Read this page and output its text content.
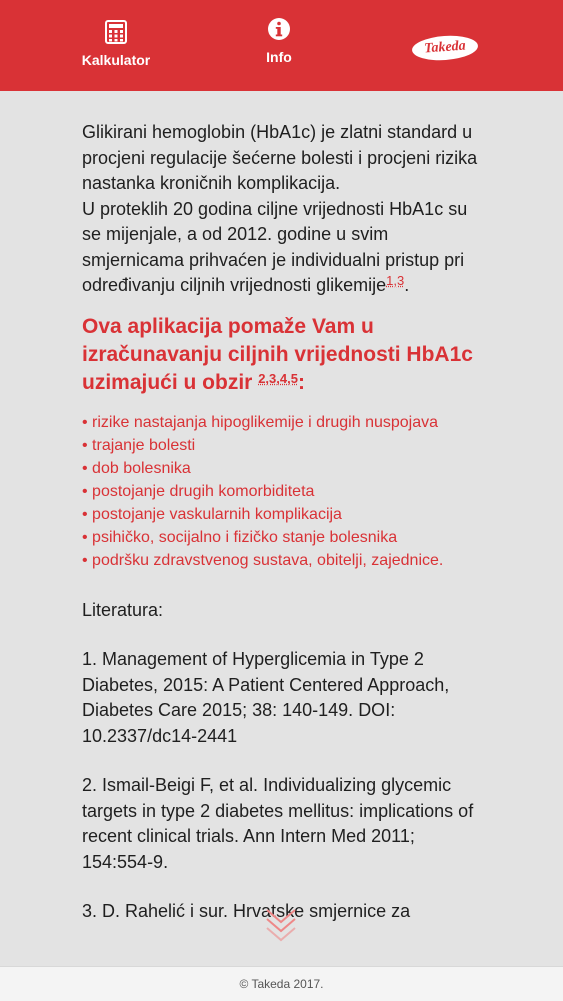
Kalkulator	Info
Takeda

Glikirani hemoglobin (HbA1c) je zlatni standard u procjeni regulacije šećerne bolesti i procjeni rizika nastanka kroničnih komplikacija.

U proteklih 20 godina ciljne vrijednosti HbA1c su se mijenjale, a od 2012. godine u svim smjernicama prihvaćen je individualni pristup pri određivanju ciljnih vrijednosti glikemije$^{1,3}$.

Ova aplikacija pomaže Vam u izračunavanju ciljnih vrijednosti HbA1c uzimajući u obzir $^{2,3,4,5}$:

• rizike nastajanja hipoglikemije i drugih nuspojava
• trajanje bolesti
• dob bolesnika
• postojanje drugih komorbiditeta
• postojanje vaskularnih komplikacija
• psihičko, socijalno i fizičko stanje bolesnika
• podršku zdravstvenog sustava, obitelji, zajednice.

Literatura:

1. Management of Hyperglicemia in Type 2 Diabetes, 2015: A Patient Centered Approach, Diabetes Care 2015; 38: 140-149. DOI: 10.2337/dc14-2441

2. Ismail-Beigi F, et al. Individualizing glycemic targets in type 2 diabetes mellitus: implications of recent clinical trials. Ann Intern Med 2011; 154:554-9.

3. D. Rahelić i sur. Hrvatske smjernice za

© Takeda 2017.
